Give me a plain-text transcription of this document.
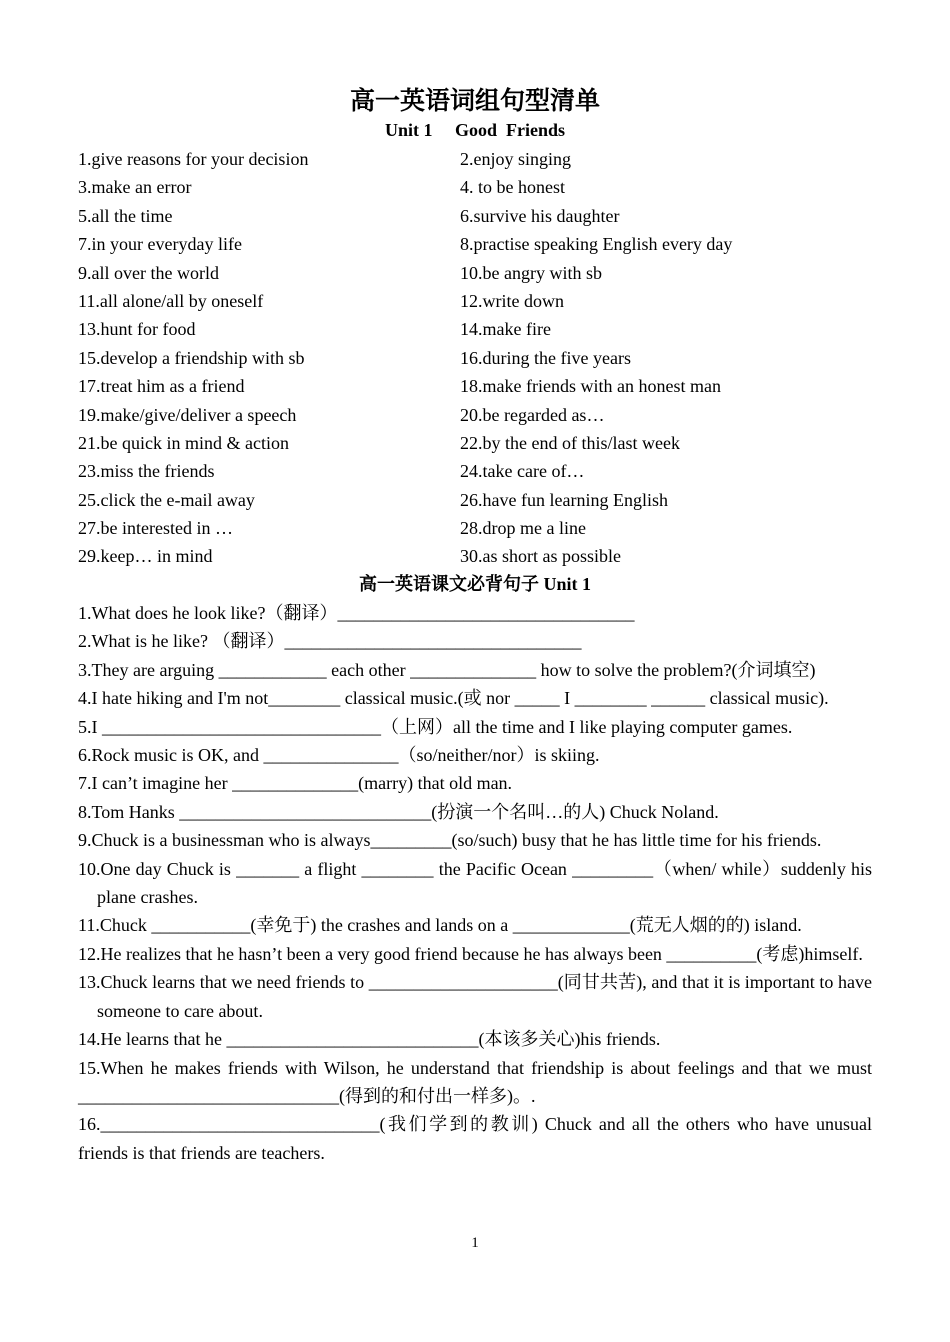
高一英语词组句型清单
Unit 1     Good  Friends
1.give reasons for your decision	2.enjoy singing
3.make an error	4. to be honest
5.all the time	6.survive his daughter
7.in your everyday life	8.practise speaking English every day
9.all over the world	10.be angry with sb
11.all alone/all by oneself	12.write down
13.hunt for food	14.make fire
15.develop a friendship with sb	16.during the five years
17.treat him as a friend	18.make friends with an honest man
19.make/give/deliver a speech	20.be regarded as…
21.be quick in mind & action	22.by the end of this/last week
23.miss the friends	24.take care of…
25.click the e-mail away	26.have fun learning English
27.be interested in …	28.drop me a line
29.keep… in mind	30.as short as possible
高一英语课文必背句子 Unit 1

1.What does he look like?（翻译）_________________________________

2.What is he like? （翻译）_________________________________

3.They are arguing ____________ each other ______________ how to solve the problem?(介词填空)

4.I hate hiking and I'm not________ classical music.(或 nor _____ I ________ ______ classical music).

5.I _______________________________（上网）all the time and I like playing computer games.

6.Rock music is OK, and _______________（so/neither/nor）is skiing.

7.I can’t imagine her ______________(marry) that old man.

8.Tom Hanks ____________________________(扮演一个名叫…的人) Chuck Noland.

9.Chuck is a businessman who is always_________(so/such) busy that he has little time for his friends.

10.One day Chuck is _______ a flight ________ the Pacific Ocean _________（when/ while）suddenly his plane crashes.

11.Chuck ___________(幸免于) the crashes and lands on a _____________(荒无人烟的的) island.

12.He realizes that he hasn’t been a very good friend because he has always been __________(考虑)himself.

13.Chuck learns that we need friends to _____________________(同甘共苦), and that it is important to have someone to care about.

14.He learns that he ____________________________(本该多关心)his friends.

15.When he makes friends with Wilson, he understand that friendship is about feelings and that we must _____________________________(得到的和付出一样多)。.

16._______________________________(我们学到的教训) Chuck and all the others who have unusual friends is that friends are teachers.

1
